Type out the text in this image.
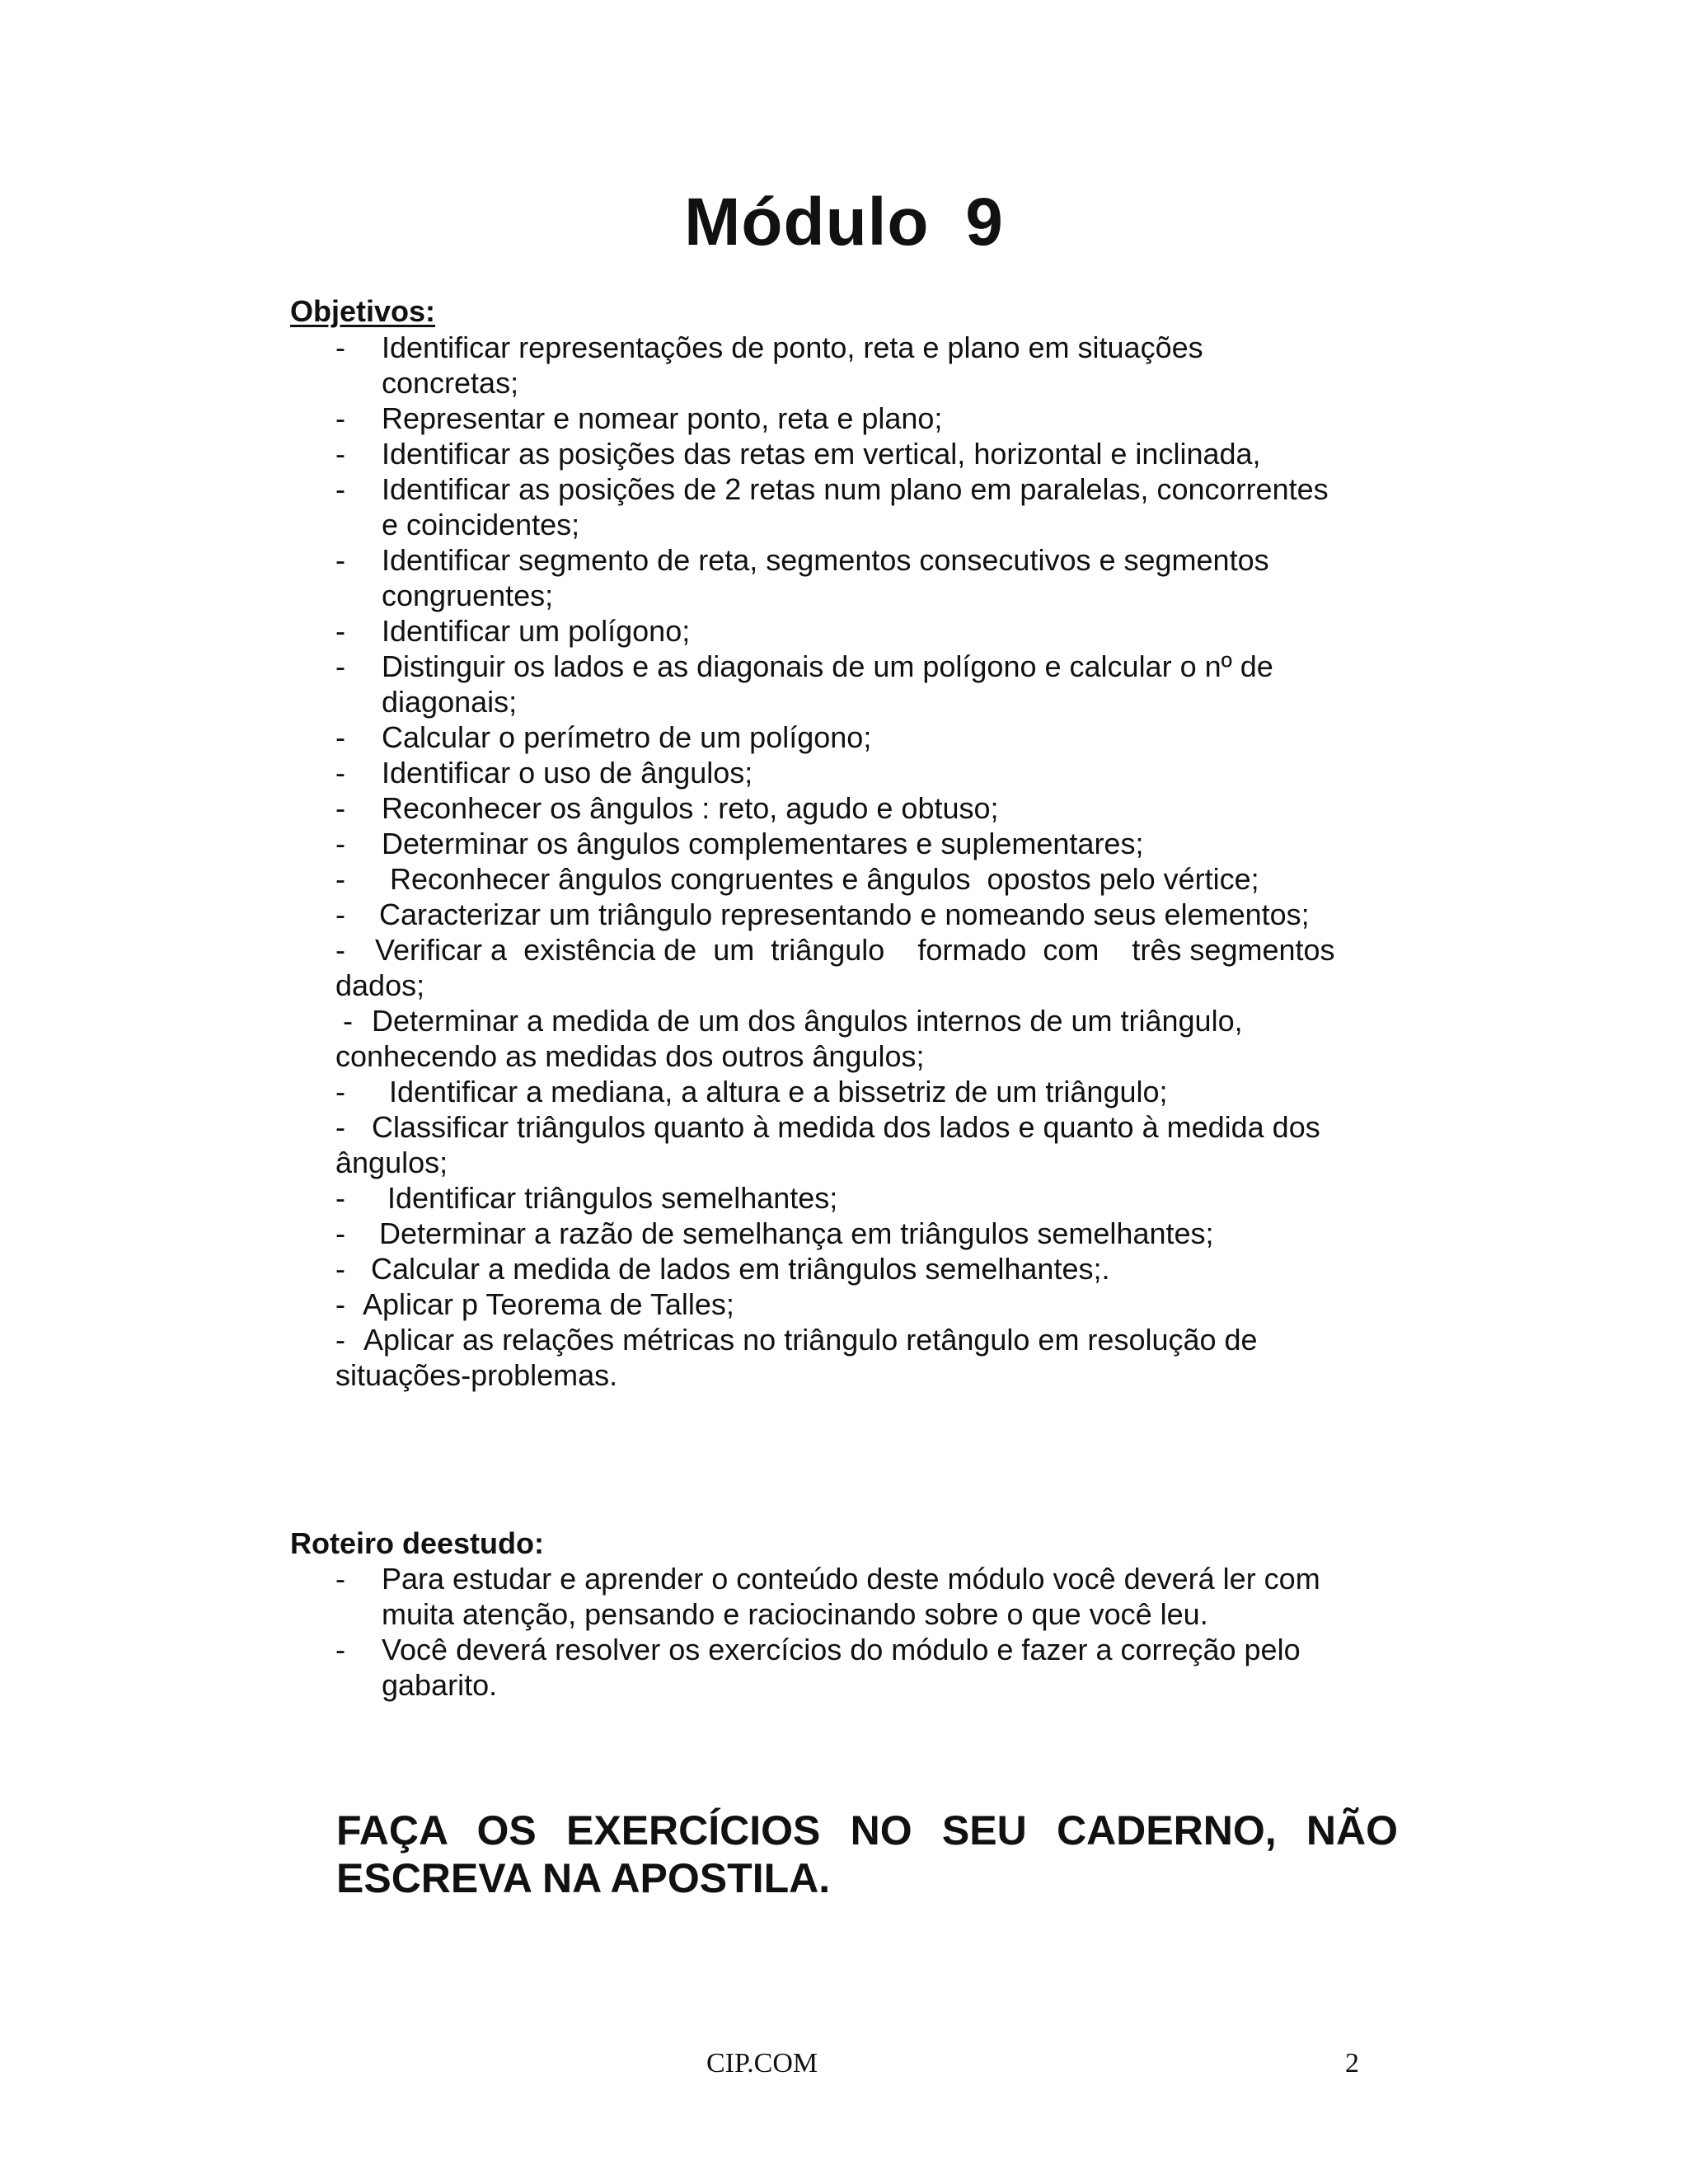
Módulo 9
Objetivos:
- Identificar representações de ponto, reta e plano em situações
concretas;
- Representar e nomear ponto, reta e plano;
- Identificar as posições das retas em vertical, horizontal e inclinada,
- Identificar as posições de 2 retas num plano em paralelas, concorrentes
e coincidentes;
- Identificar segmento de reta, segmentos consecutivos e segmentos
congruentes;
- Identificar um polígono;
- Distinguir os lados e as diagonais de um polígono e calcular o nº de
diagonais;
- Calcular o perímetro de um polígono;
- Identificar o uso de ângulos;
- Reconhecer os ângulos : reto, agudo e obtuso;
- Determinar os ângulos complementares e suplementares;
- Reconhecer ângulos congruentes e ângulos  opostos pelo vértice;
- Caracterizar um triângulo representando e nomeando seus elementos;
- Verificar a  existência de  um  triângulo    formado  com    três segmentos
dados;
- Determinar a medida de um dos ângulos internos de um triângulo,
conhecendo as medidas dos outros ângulos;
- Identificar a mediana, a altura e a bissetriz de um triângulo;
- Classificar triângulos quanto à medida dos lados e quanto à medida dos
ângulos;
- Identificar triângulos semelhantes;
- Determinar a razão de semelhança em triângulos semelhantes;
- Calcular a medida de lados em triângulos semelhantes;.
- Aplicar p Teorema de Talles;
- Aplicar as relações métricas no triângulo retângulo em resolução de
situações-problemas.
Roteiro deestudo:
- Para estudar e aprender o conteúdo deste módulo você deverá ler com
muita atenção, pensando e raciocinando sobre o que você leu.
- Você deverá resolver os exercícios do módulo e fazer a correção pelo
gabarito.
FAÇA OS EXERCÍCIOS NO SEU CADERNO, NÃO
ESCREVA NA APOSTILA.
CIP.COM	2
